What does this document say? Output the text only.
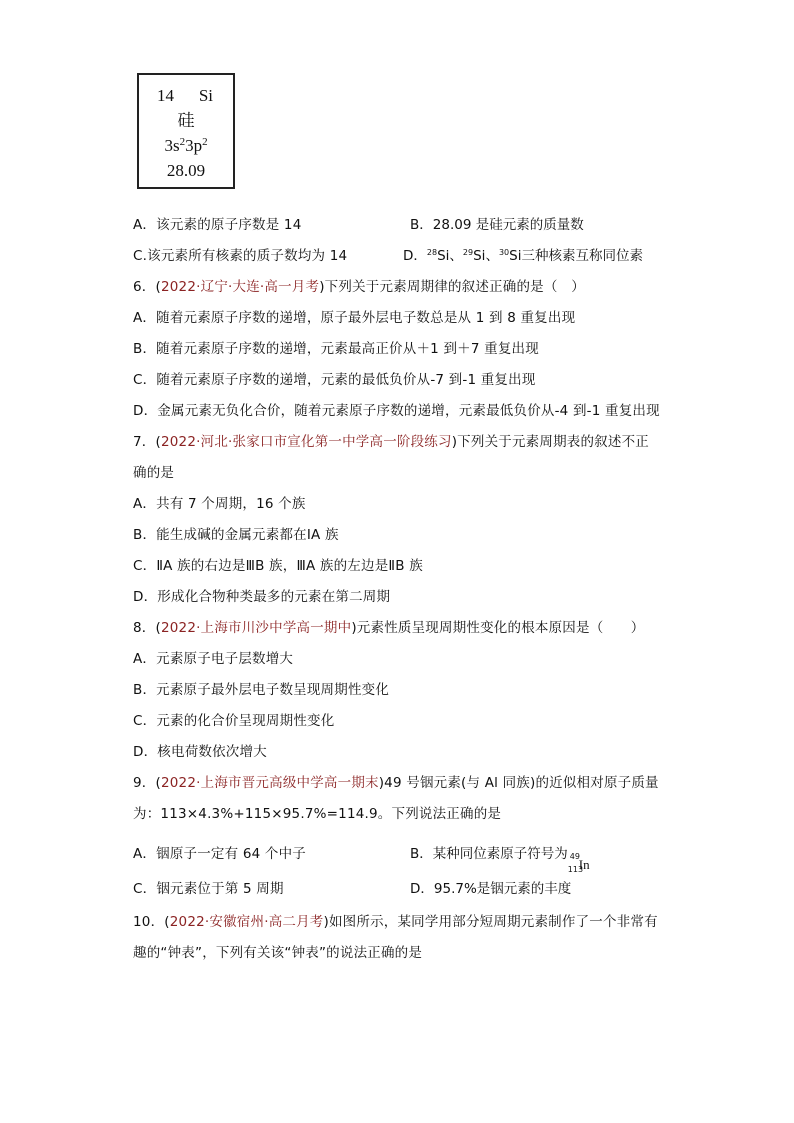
14 Si
硅
$3s^23p^2$
28.09
A．该元素的原子序数是 14	B．28.09 是硅元素的质量数
C.该元素所有核素的质子数均为 14	D．$^{28}$Si、$^{29}$Si、$^{30}$Si三种核素互称同位素
6．(2022·辽宁·大连·高一月考)下列关于元素周期律的叙述正确的是（　）
A．随着元素原子序数的递增，原子最外层电子数总是从 1 到 8 重复出现
B．随着元素原子序数的递增，元素最高正价从＋1 到＋7 重复出现
C．随着元素原子序数的递增，元素的最低负价从-7 到-1 重复出现
D．金属元素无负化合价，随着元素原子序数的递增，元素最低负价从-4 到-1 重复出现
7．(2022·河北·张家口市宣化第一中学高一阶段练习)下列关于元素周期表的叙述不正
确的是
A．共有 7 个周期，16 个族
B．能生成碱的金属元素都在ⅠA 族
C．ⅡA 族的右边是ⅢB 族，ⅢA 族的左边是ⅡB 族
D．形成化合物种类最多的元素在第二周期
8．(2022·上海市川沙中学高一期中)元素性质呈现周期性变化的根本原因是（　　）
A．元素原子电子层数增大
B．元素原子最外层电子数呈现周期性变化
C．元素的化合价呈现周期性变化
D．核电荷数依次增大
9．(2022·上海市晋元高级中学高一期末)49 号铟元素(与 Al 同族)的近似相对原子质量
为：113×4.3%+115×95.7%=114.9。下列说法正确的是
A．铟原子一定有 64 个中子	B．某种同位素原子符号为 49
113
In
C．铟元素位于第 5 周期	D．95.7%是铟元素的丰度
10．(2022·安徽宿州·高二月考)如图所示，某同学用部分短周期元素制作了一个非常有
趣的“钟表”，下列有关该“钟表”的说法正确的是
